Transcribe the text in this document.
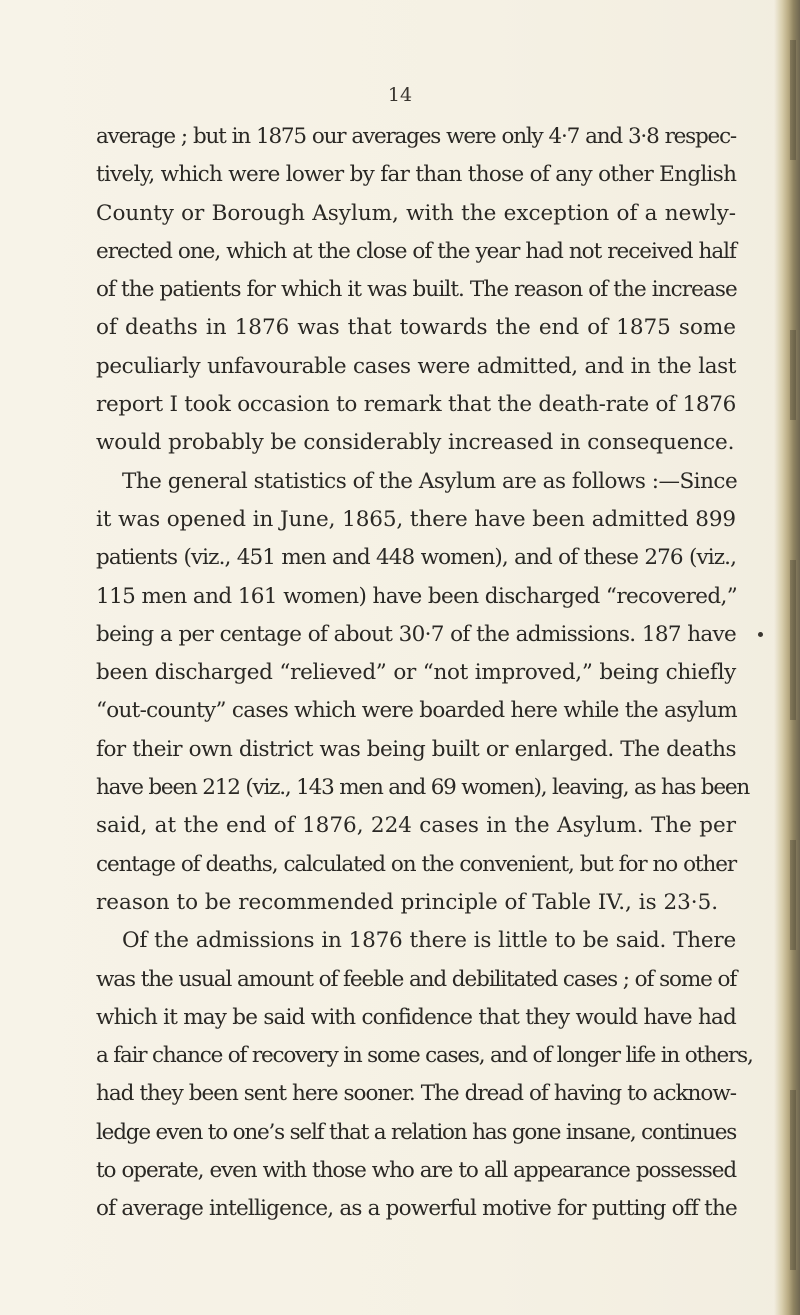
14
average ; but in 1875 our averages were only 4·7 and 3·8 respec-
tively, which were lower by far than those of any other English
County or Borough Asylum, with the exception of a newly-
erected one, which at the close of the year had not received half
of the patients for which it was built. The reason of the increase
of deaths in 1876 was that towards the end of 1875 some
peculiarly unfavourable cases were admitted, and in the last
report I took occasion to remark that the death-rate of 1876
would probably be considerably increased in consequence.
The general statistics of the Asylum are as follows :—Since
it was opened in June, 1865, there have been admitted 899
patients (viz., 451 men and 448 women), and of these 276 (viz.,
115 men and 161 women) have been discharged “recovered,”
being a per centage of about 30·7 of the admissions. 187 have
been discharged “relieved” or “not improved,” being chiefly
“out-county” cases which were boarded here while the asylum
for their own district was being built or enlarged. The deaths
have been 212 (viz., 143 men and 69 women), leaving, as has been
said, at the end of 1876, 224 cases in the Asylum. The per
centage of deaths, calculated on the convenient, but for no other
reason to be recommended principle of Table IV., is 23·5.
Of the admissions in 1876 there is little to be said. There
was the usual amount of feeble and debilitated cases ; of some of
which it may be said with confidence that they would have had
a fair chance of recovery in some cases, and of longer life in others,
had they been sent here sooner. The dread of having to acknow-
ledge even to one’s self that a relation has gone insane, continues
to operate, even with those who are to all appearance possessed
of average intelligence, as a powerful motive for putting off the
